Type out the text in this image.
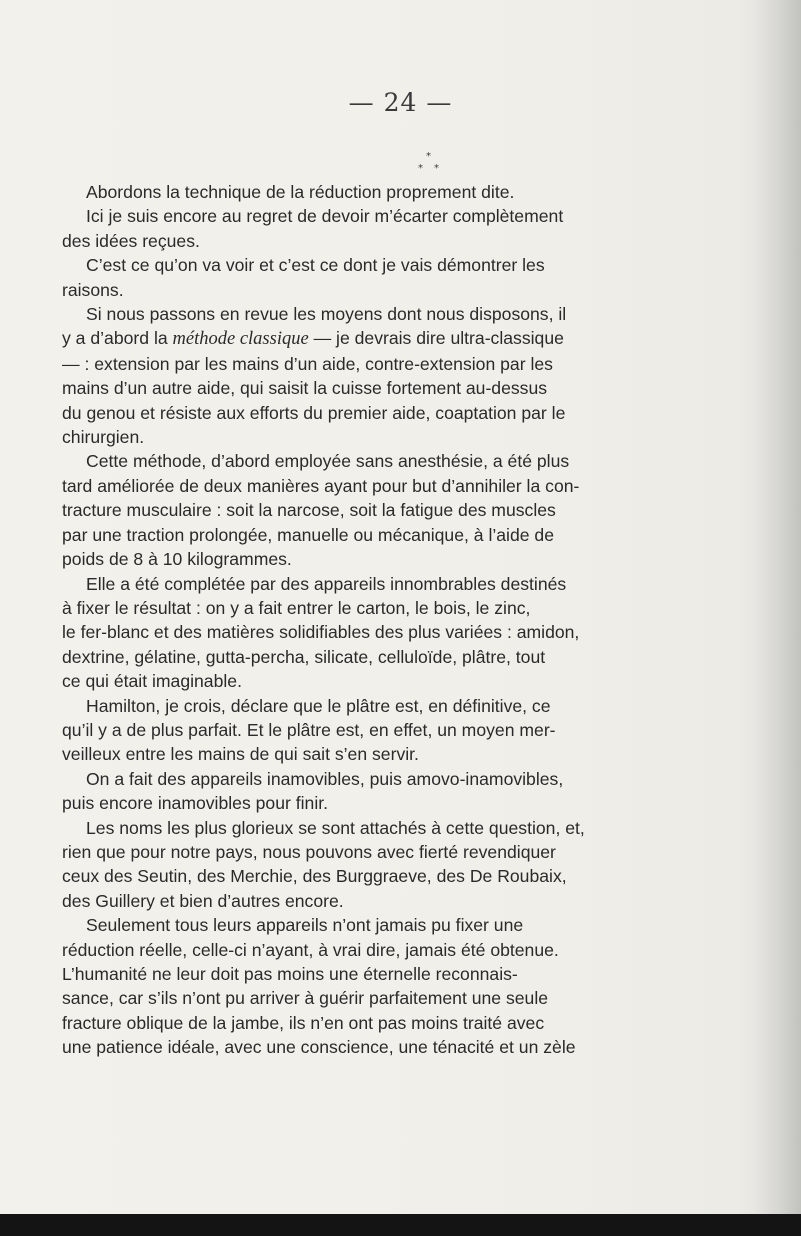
— 24 —
*
* *

Abordons la technique de la réduction proprement dite.

Ici je suis encore au regret de devoir m’écarter complètement
des idées reçues.

C’est ce qu’on va voir et c’est ce dont je vais démontrer les
raisons.

Si nous passons en revue les moyens dont nous disposons, il
y a d’abord la méthode classique — je devrais dire ultra-classique
— : extension par les mains d’un aide, contre-extension par les
mains d’un autre aide, qui saisit la cuisse fortement au-dessus
du genou et résiste aux efforts du premier aide, coaptation par le
chirurgien.

Cette méthode, d’abord employée sans anesthésie, a été plus
tard améliorée de deux manières ayant pour but d’annihiler la con-
tracture musculaire : soit la narcose, soit la fatigue des muscles
par une traction prolongée, manuelle ou mécanique, à l’aide de
poids de 8 à 10 kilogrammes.

Elle a été complétée par des appareils innombrables destinés
à fixer le résultat : on y a fait entrer le carton, le bois, le zinc,
le fer-blanc et des matières solidifiables des plus variées : amidon,
dextrine, gélatine, gutta-percha, silicate, celluloïde, plâtre, tout
ce qui était imaginable.

Hamilton, je crois, déclare que le plâtre est, en définitive, ce
qu’il y a de plus parfait. Et le plâtre est, en effet, un moyen mer-
veilleux entre les mains de qui sait s’en servir.

On a fait des appareils inamovibles, puis amovo-inamovibles,
puis encore inamovibles pour finir.

Les noms les plus glorieux se sont attachés à cette question, et,
rien que pour notre pays, nous pouvons avec fierté revendiquer
ceux des Seutin, des Merchie, des Burggraeve, des De Roubaix,
des Guillery et bien d’autres encore.

Seulement tous leurs appareils n’ont jamais pu fixer une
réduction réelle, celle-ci n’ayant, à vrai dire, jamais été obtenue.
L’humanité ne leur doit pas moins une éternelle reconnais-
sance, car s’ils n’ont pu arriver à guérir parfaitement une seule
fracture oblique de la jambe, ils n’en ont pas moins traité avec
une patience idéale, avec une conscience, une ténacité et un zèle
